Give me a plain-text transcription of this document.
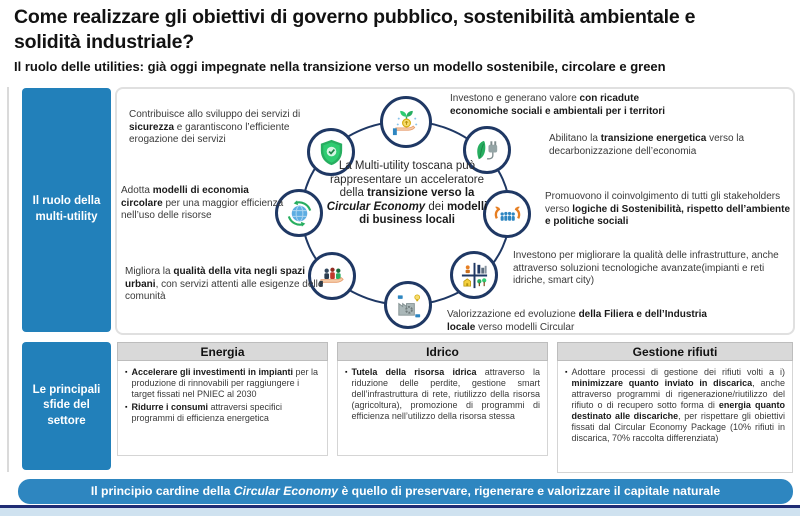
Come realizzare gli obiettivi di governo pubblico, sostenibilità ambientale e solidità industriale?
Il ruolo delle utilities: già oggi impegnate nella transizione verso un modello sostenibile, circolare e green
Il ruolo della multi-utility
Le principali sfide del settore
La Multi-utility toscana può rappresentare un acceleratore della transizione verso la Circular Economy dei modelli di business locali
Contribuisce allo sviluppo dei servizi di sicurezza e garantiscono l’efficiente erogazione dei servizi
Adotta modelli di economia circolare per una maggior efficienza nell’uso delle risorse
Migliora la qualità della vita negli spazi urbani, con servizi attenti alle esigenze delle comunità
Investono e generano valore con ricadute economiche sociali e ambientali per i territori
Abilitano la transizione energetica verso la decarbonizzazione dell’economia
Promuovono il coinvolgimento di tutti gli stakeholders verso logiche di Sostenibilità, rispetto dell’ambiente e politiche sociali
Investono per migliorare la qualità delle infrastrutture, anche attraverso soluzioni tecnologiche avanzate(impianti e reti idriche, smart city)
Valorizzazione ed evoluzione della Filiera e dell’Industria locale verso modelli Circular
Energia
▪ Accelerare gli investimenti in impianti per la produzione di rinnovabili per raggiungere i target fissati nel PNIEC al 2030
▪ Ridurre i consumi attraversi specifici programmi di efficienza energetica
Idrico
▪ Tutela della risorsa idrica attraverso la riduzione delle perdite, gestione smart dell’infrastruttura di rete, riutilizzo della risorsa (agricoltura), promozione di programmi di efficienza nell’utilizzo della risorsa stessa
Gestione rifiuti
▪ Adottare processi di gestione dei rifiuti volti a i) minimizzare quanto inviato in discarica, anche attraverso programmi di rigenerazione/riutilizzo del rifiuto o di recupero sotto forma di energia quanto destinato alle discariche, per rispettare gli obiettivi fissati dal Circular Economy Package (10% rifiuti in discarica, 70% raccolta differenziata)
Il principio cardine della Circular Economy è quello di preservare, rigenerare e valorizzare il capitale naturale
